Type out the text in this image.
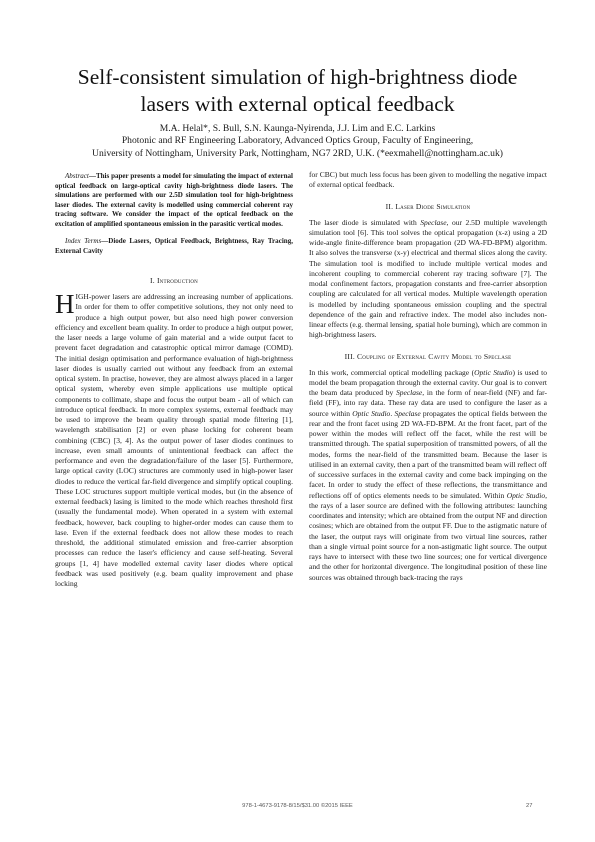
Self-consistent simulation of high-brightness diode
lasers with external optical feedback
M.A. Helal*, S. Bull, S.N. Kaunga-Nyirenda, J.J. Lim and E.C. Larkins
Photonic and RF Engineering Laboratory, Advanced Optics Group, Faculty of Engineering,
University of Nottingham, University Park, Nottingham, NG7 2RD, U.K. (*eexmahell@nottingham.ac.uk)

Abstract—This paper presents a model for simulating the impact of external optical feedback on large-optical cavity high-brightness diode lasers. The simulations are performed with our 2.5D simulation tool for high-brightness laser diodes. The external cavity is modelled using commercial coherent ray tracing software. We consider the impact of the optical feedback on the excitation of amplified spontaneous emission in the parasitic vertical modes.

Index Terms—Diode Lasers, Optical Feedback, Brightness, Ray Tracing, External Cavity

I. Introduction

HIGH-power lasers are addressing an increasing number of applications. In order for them to offer competitive solutions, they not only need to produce a high output power, but also need high power conversion efficiency and excellent beam quality. In order to produce a high output power, the laser needs a large volume of gain material and a wide output facet to prevent facet degradation and catastrophic optical mirror damage (COMD). The initial design optimisation and performance evaluation of high-brightness laser diodes is usually carried out without any feedback from an external optical system. In practise, however, they are almost always placed in a larger optical system, whereby even simple applications use multiple optical components to collimate, shape and focus the output beam - all of which can introduce optical feedback. In more complex systems, external feedback may be used to improve the beam quality through spatial mode filtering [1], wavelength stabilisation [2] or even phase locking for coherent beam combining (CBC) [3, 4]. As the output power of laser diodes continues to increase, even small amounts of unintentional feedback can affect the performance and even the degradation/failure of the laser [5]. Furthermore, large optical cavity (LOC) structures are commonly used in high-power laser diodes to reduce the vertical far-field divergence and simplify optical coupling. These LOC structures support multiple vertical modes, but (in the absence of external feedback) lasing is limited to the mode which reaches threshold first (usually the fundamental mode). When operated in a system with external feedback, however, back coupling to higher-order modes can cause them to lase. Even if the external feedback does not allow these modes to reach threshold, the additional stimulated emission and free-carrier absorption processes can reduce the laser's efficiency and cause self-heating. Several groups [1, 4] have modelled external cavity laser diodes where optical feedback was used positively (e.g. beam quality improvement and phase locking

for CBC) but much less focus has been given to modelling the negative impact of external optical feedback.

II. Laser Diode Simulation

The laser diode is simulated with Speclase, our 2.5D multiple wavelength simulation tool [6]. This tool solves the optical propagation (x-z) using a 2D wide-angle finite-difference beam propagation (2D WA-FD-BPM) algorithm. It also solves the transverse (x-y) electrical and thermal slices along the cavity. The simulation tool is modified to include multiple vertical modes and incoherent coupling to commercial coherent ray tracing software [7]. The modal confinement factors, propagation constants and free-carrier absorption coupling are calculated for all vertical modes. Multiple wavelength operation is modelled by including spontaneous emission coupling and the spectral dependence of the gain and refractive index. The model also includes non-linear effects (e.g. thermal lensing, spatial hole burning), which are common in high-brightness lasers.

III. Coupling of External Cavity Model to Speclase

In this work, commercial optical modelling package (Optic Studio) is used to model the beam propagation through the external cavity. Our goal is to convert the beam data produced by Speclase, in the form of near-field (NF) and far-field (FF), into ray data. These ray data are used to configure the laser as a source within Optic Studio. Speclase propagates the optical fields between the rear and the front facet using 2D WA-FD-BPM. At the front facet, part of the power within the modes will reflect off the facet, while the rest will be transmitted through. The spatial superposition of transmitted powers, of all the modes, forms the near-field of the transmitted beam. Because the laser is utilised in an external cavity, then a part of the transmitted beam will reflect off of successive surfaces in the external cavity and come back impinging on the facet. In order to study the effect of these reflections, the transmittance and reflections off of optics elements needs to be simulated. Within Optic Studio, the rays of a laser source are defined with the following attributes: launching coordinates and intensity; which are obtained from the output NF and direction cosines; which are obtained from the output FF. Due to the astigmatic nature of the laser, the output rays will originate from two virtual line sources, rather than a single virtual point source for a non-astigmatic light source. The output rays have to intersect with these two line sources; one for vertical divergence and the other for horizontal divergence. The longitudinal position of these line sources was obtained through back-tracing the rays

978-1-4673-9178-8/15/$31.00 ©2015 IEEE	27
